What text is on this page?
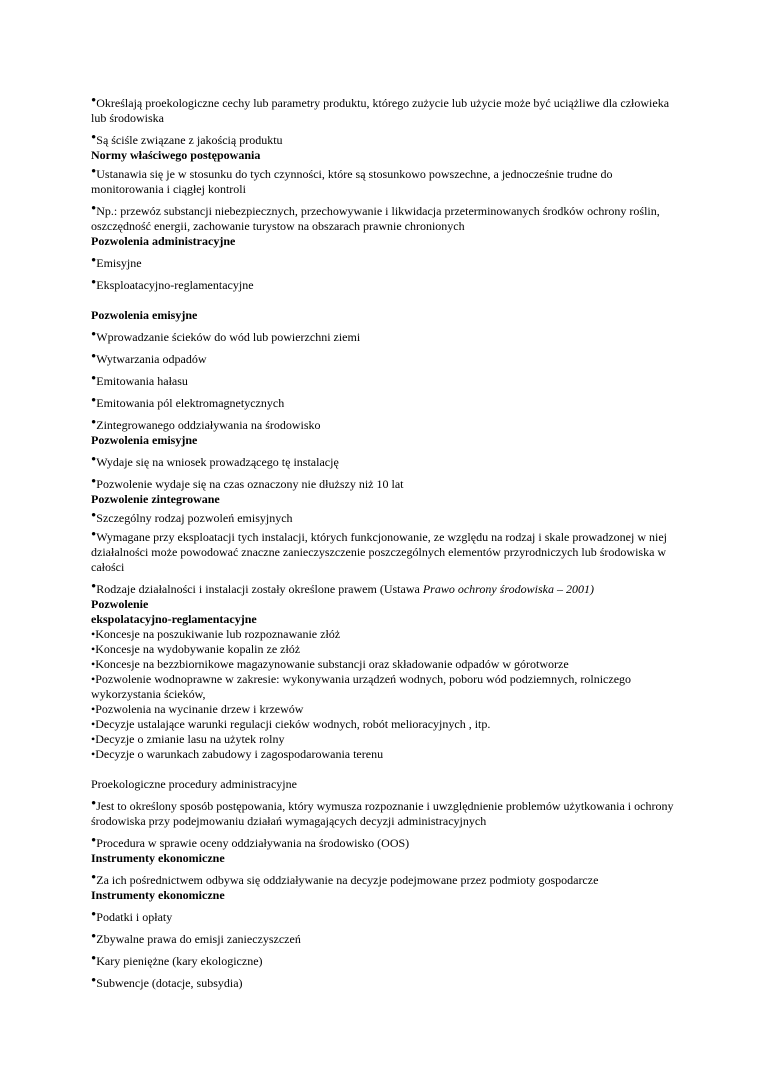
• Określają proekologiczne cechy lub parametry produktu, którego zużycie lub użycie może być uciążliwe dla człowieka lub środowiska

• Są ściśle związane z jakością produktu

Normy właściwego postępowania

• Ustanawia się je w stosunku do tych czynności, które są stosunkowo powszechne, a jednocześnie trudne do monitorowania i ciągłej kontroli

• Np.: przewóz substancji niebezpiecznych, przechowywanie i likwidacja przeterminowanych środków ochrony roślin, oszczędność energii, zachowanie turystow na obszarach prawnie chronionych

Pozwolenia administracyjne

• Emisyjne

• Eksploatacyjno-reglamentacyjne

Pozwolenia emisyjne

• Wprowadzanie ścieków do wód lub powierzchni ziemi

• Wytwarzania odpadów

• Emitowania hałasu

• Emitowania pól elektromagnetycznych

• Zintegrowanego oddziaływania na środowisko

Pozwolenia emisyjne

• Wydaje się na wniosek prowadzącego tę instalację

• Pozwolenie wydaje się na czas oznaczony nie dłuższy niż 10 lat

Pozwolenie zintegrowane

• Szczególny rodzaj pozwoleń emisyjnych

• Wymagane przy eksploatacji tych instalacji, których funkcjonowanie, ze względu na rodzaj i skale prowadzonej w niej działalności może powodować znaczne zanieczyszczenie poszczególnych elementów przyrodniczych lub środowiska w całości

• Rodzaje działalności i instalacji zostały określone prawem (Ustawa Prawo ochrony środowiska – 2001)

Pozwolenie
ekspolatacyjno-reglamentacyjne

• Koncesje na poszukiwanie lub rozpoznawanie złóż

• Koncesje na wydobywanie kopalin ze złóż

• Koncesje na bezzbiornikowe magazynowanie substancji oraz składowanie odpadów w górotworze

• Pozwolenie wodnoprawne w zakresie: wykonywania urządzeń wodnych, poboru wód podziemnych, rolniczego wykorzystania ścieków,

• Pozwolenia na wycinanie drzew i krzewów

• Decyzje ustalające warunki regulacji cieków wodnych, robót melioracyjnych , itp.

• Decyzje o zmianie lasu na użytek rolny

• Decyzje o warunkach zabudowy i zagospodarowania terenu

Proekologiczne procedury administracyjne

• Jest to określony sposób postępowania, który wymusza rozpoznanie i uwzględnienie problemów użytkowania i ochrony środowiska przy podejmowaniu działań wymagających decyzji administracyjnych

• Procedura w sprawie oceny oddziaływania na środowisko (OOS)

Instrumenty ekonomiczne

• Za ich pośrednictwem odbywa się oddziaływanie na decyzje podejmowane przez podmioty gospodarcze

Instrumenty ekonomiczne

• Podatki i opłaty

• Zbywalne prawa do emisji zanieczyszczeń

• Kary pieniężne (kary ekologiczne)

• Subwencje (dotacje, subsydia)
